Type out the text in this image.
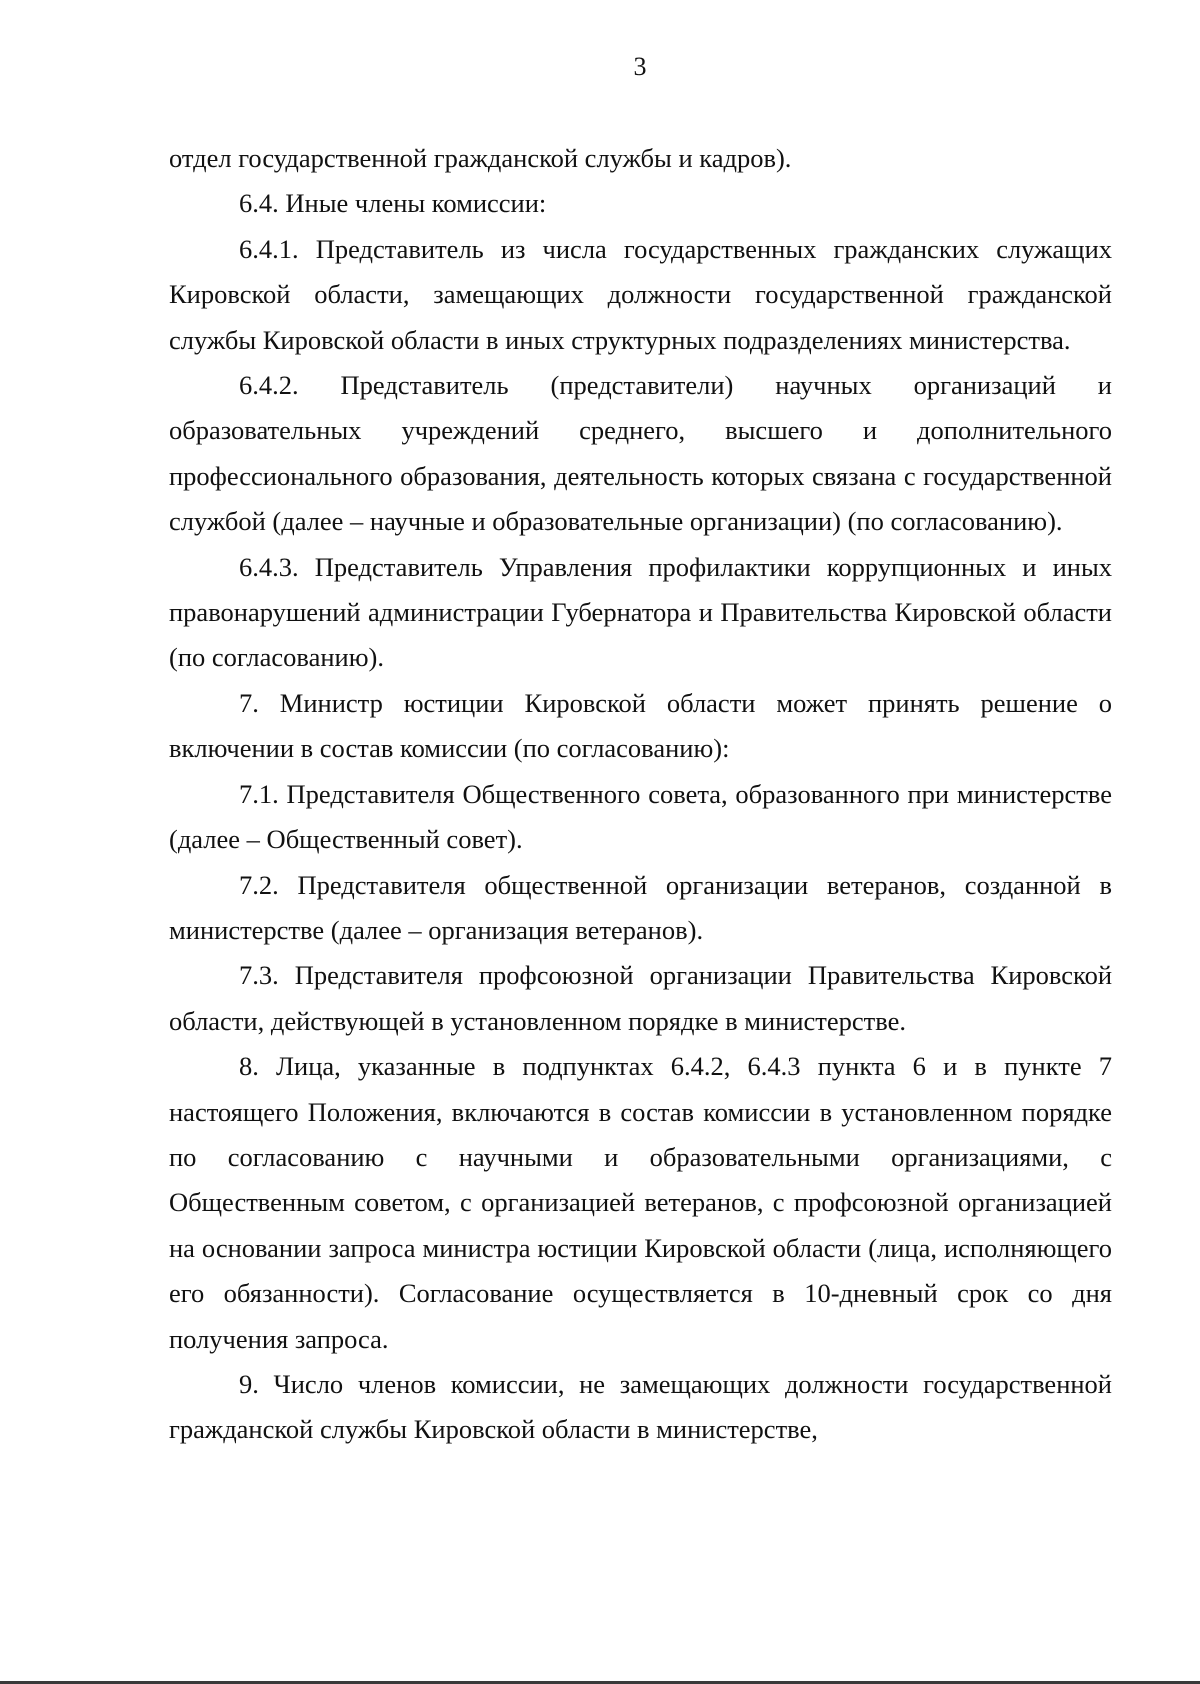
3

отдел государственной гражданской службы и кадров).

6.4. Иные члены комиссии:

6.4.1. Представитель из числа государственных гражданских служащих Кировской области, замещающих должности государственной гражданской службы Кировской области в иных структурных подразделениях министерства.

6.4.2. Представитель (представители) научных организаций и образовательных учреждений среднего, высшего и дополнительного профессионального образования, деятельность которых связана с государственной службой (далее – научные и образовательные организации) (по согласованию).

6.4.3. Представитель Управления профилактики коррупционных и иных правонарушений администрации Губернатора и Правительства Кировской области (по согласованию).

7. Министр юстиции Кировской области может принять решение о включении в состав комиссии (по согласованию):

7.1. Представителя Общественного совета, образованного при министерстве (далее – Общественный совет).

7.2. Представителя общественной организации ветеранов, созданной в министерстве (далее – организация ветеранов).

7.3. Представителя профсоюзной организации Правительства Кировской области, действующей в установленном порядке в министерстве.

8. Лица, указанные в подпунктах 6.4.2, 6.4.3 пункта 6 и в пункте 7 настоящего Положения, включаются в состав комиссии в установленном порядке по согласованию с научными и образовательными организациями, с Общественным советом, с организацией ветеранов, с профсоюзной организацией на основании запроса министра юстиции Кировской области (лица, исполняющего его обязанности). Согласование осуществляется в 10-дневный срок со дня получения запроса.

9. Число членов комиссии, не замещающих должности государственной гражданской службы Кировской области в министерстве,
